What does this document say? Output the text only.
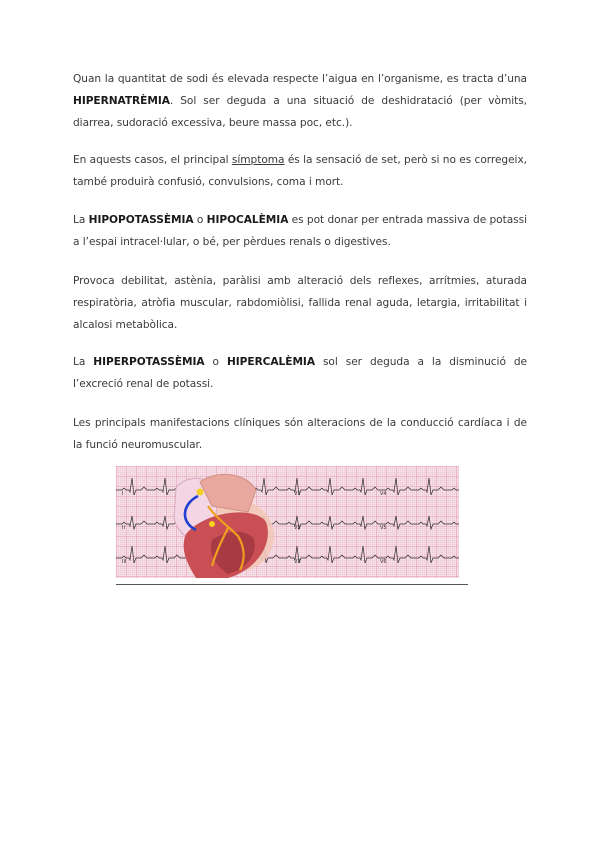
Quan la quantitat de sodi és elevada respecte l’aigua en l’organisme, es tracta d’una HIPERNATRÈMIA. Sol ser deguda a una situació de deshidratació (per vòmits, diarrea, sudoració excessiva, beure massa poc, etc.).
En aquests casos, el principal símptoma és la sensació de set, però si no es corregeix, també produirà confusió, convulsions, coma i mort.
La HIPOPOTASSÈMIA o HIPOCALÈMIA es pot donar per entrada massiva de potassi a l’espai intracel·lular, o bé, per pèrdues renals o digestives.
Provoca debilitat, astènia, paràlisi amb alteració dels reflexes, arrítmies, aturada respiratòria, atròfia muscular, rabdomiòlisi, fallida renal aguda, letargia, irritabilitat i alcalosi metabòlica.
La HIPERPOTASSÈMIA o HIPERCALÈMIA sol ser deguda a la disminució de l’excreció renal de potassi.
Les principals manifestacions clíniques són alteracions de la conducció cardíaca i de la funció neuromuscular.
I	V1	V4
II	V2	V5
III	V3	V6
